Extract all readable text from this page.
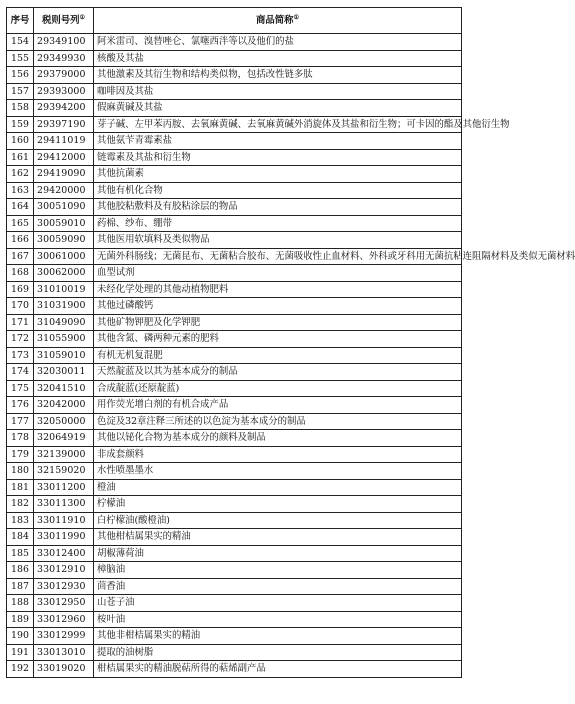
序号	税则号列①	商品简称①
154	29349100	阿米雷司、溴替唑仑、氯噻西泮等以及他们的盐
155	29349930	核酸及其盐
156	29379000	其他激素及其衍生物和结构类似物，包括改性链多肽
157	29393000	咖啡因及其盐
158	29394200	假麻黄碱及其盐
159	29397190	芽子碱、左甲苯丙胺、去氧麻黄碱、去氧麻黄碱外消旋体及其盐和衍生物；可卡因的酯及其他衍生物
160	29411019	其他氨苄青霉素盐
161	29412000	链霉素及其盐和衍生物
162	29419090	其他抗菌素
163	29420000	其他有机化合物
164	30051090	其他胶粘敷料及有胶粘涂层的物品
165	30059010	药棉、纱布、绷带
166	30059090	其他医用软填料及类似物品
167	30061000	无菌外科肠线；无菌昆布、无菌粘合胶布、无菌吸收性止血材料、外科或牙科用无菌抗粘连阻隔材料及类似无菌材料
168	30062000	血型试剂
169	31010019	未经化学处理的其他动植物肥料
170	31031900	其他过磷酸钙
171	31049090	其他矿物钾肥及化学钾肥
172	31055900	其他含氮、磷两种元素的肥料
173	31059010	有机无机复混肥
174	32030011	天然靛蓝及以其为基本成分的制品
175	32041510	合成靛蓝(还原靛蓝)
176	32042000	用作荧光增白剂的有机合成产品
177	32050000	色淀及32章注释三所述的以色淀为基本成分的制品
178	32064919	其他以铋化合物为基本成分的颜料及制品
179	32139000	非成套颜料
180	32159020	水性喷墨墨水
181	33011200	橙油
182	33011300	柠檬油
183	33011910	白柠檬油(酸橙油)
184	33011990	其他柑桔属果实的精油
185	33012400	胡椒薄荷油
186	33012910	樟脑油
187	33012930	茴香油
188	33012950	山苍子油
189	33012960	桉叶油
190	33012999	其他非柑桔属果实的精油
191	33013010	提取的油树脂
192	33019020	柑桔属果实的精油脱萜所得的萜烯副产品
